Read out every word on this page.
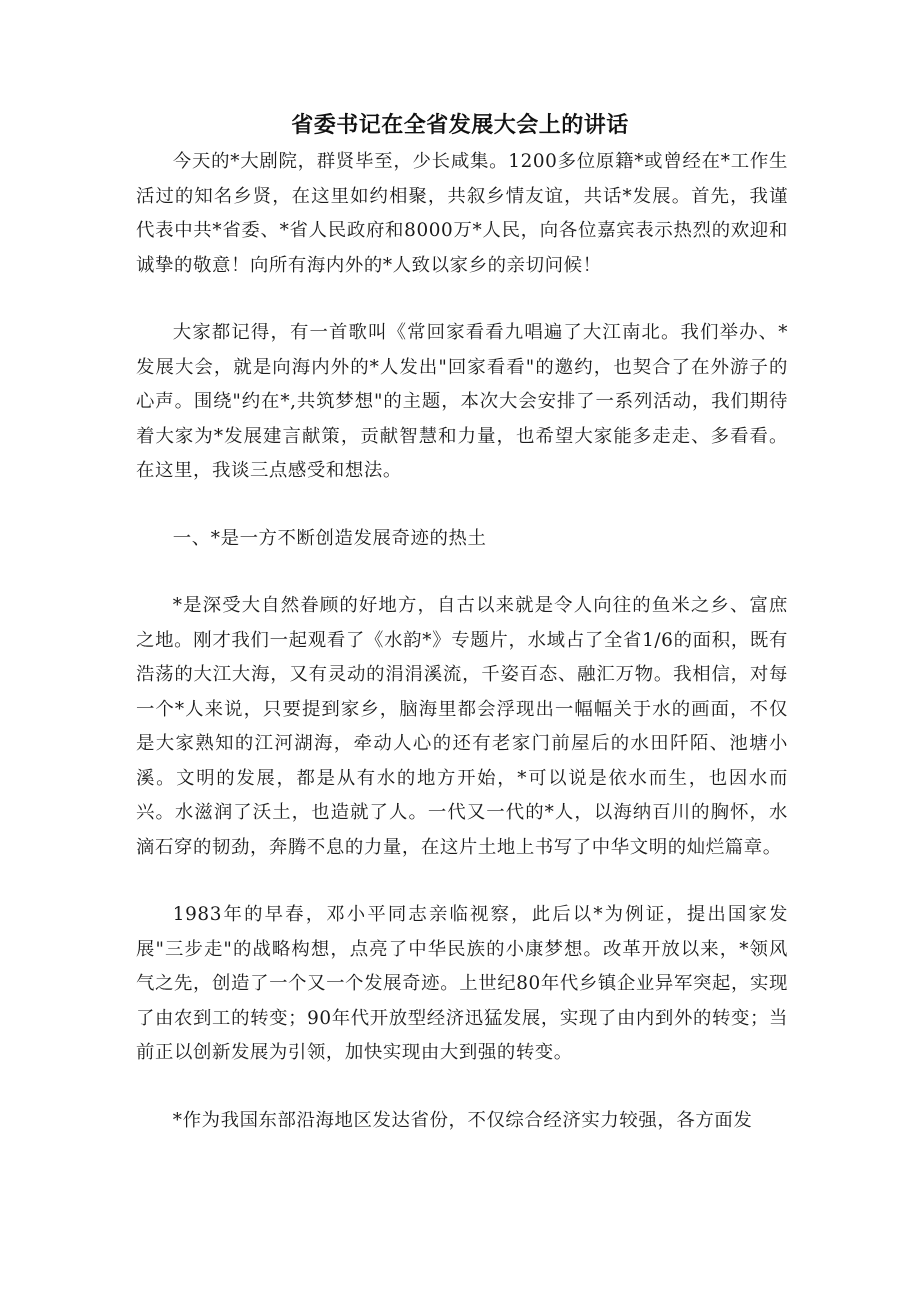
省委书记在全省发展大会上的讲话

今天的*大剧院，群贤毕至，少长咸集。1200多位原籍*或曾经在*工作生活过的知名乡贤，在这里如约相聚，共叙乡情友谊，共话*发展。首先，我谨代表中共*省委、*省人民政府和8000万*人民，向各位嘉宾表示热烈的欢迎和诚挚的敬意！向所有海内外的*人致以家乡的亲切问候！

大家都记得，有一首歌叫《常回家看看九唱遍了大江南北。我们举办、*发展大会，就是向海内外的*人发出"回家看看"的邀约，也契合了在外游子的心声。围绕"约在*,共筑梦想"的主题，本次大会安排了一系列活动，我们期待着大家为*发展建言献策，贡献智慧和力量，也希望大家能多走走、多看看。在这里，我谈三点感受和想法。

一、*是一方不断创造发展奇迹的热土

*是深受大自然眷顾的好地方，自古以来就是令人向往的鱼米之乡、富庶之地。刚才我们一起观看了《水韵*》专题片，水域占了全省1/6的面积，既有浩荡的大江大海，又有灵动的涓涓溪流，千姿百态、融汇万物。我相信，对每一个*人来说，只要提到家乡，脑海里都会浮现出一幅幅关于水的画面，不仅是大家熟知的江河湖海，牵动人心的还有老家门前屋后的水田阡陌、池塘小溪。文明的发展，都是从有水的地方开始，*可以说是依水而生，也因水而兴。水滋润了沃土，也造就了人。一代又一代的*人，以海纳百川的胸怀，水滴石穿的韧劲，奔腾不息的力量，在这片土地上书写了中华文明的灿烂篇章。

1983年的早春，邓小平同志亲临视察，此后以*为例证，提出国家发展"三步走"的战略构想，点亮了中华民族的小康梦想。改革开放以来，*领风气之先，创造了一个又一个发展奇迹。上世纪80年代乡镇企业异军突起，实现了由农到工的转变；90年代开放型经济迅猛发展，实现了由内到外的转变；当前正以创新发展为引领，加快实现由大到强的转变。

*作为我国东部沿海地区发达省份，不仅综合经济实力较强，各方面发
